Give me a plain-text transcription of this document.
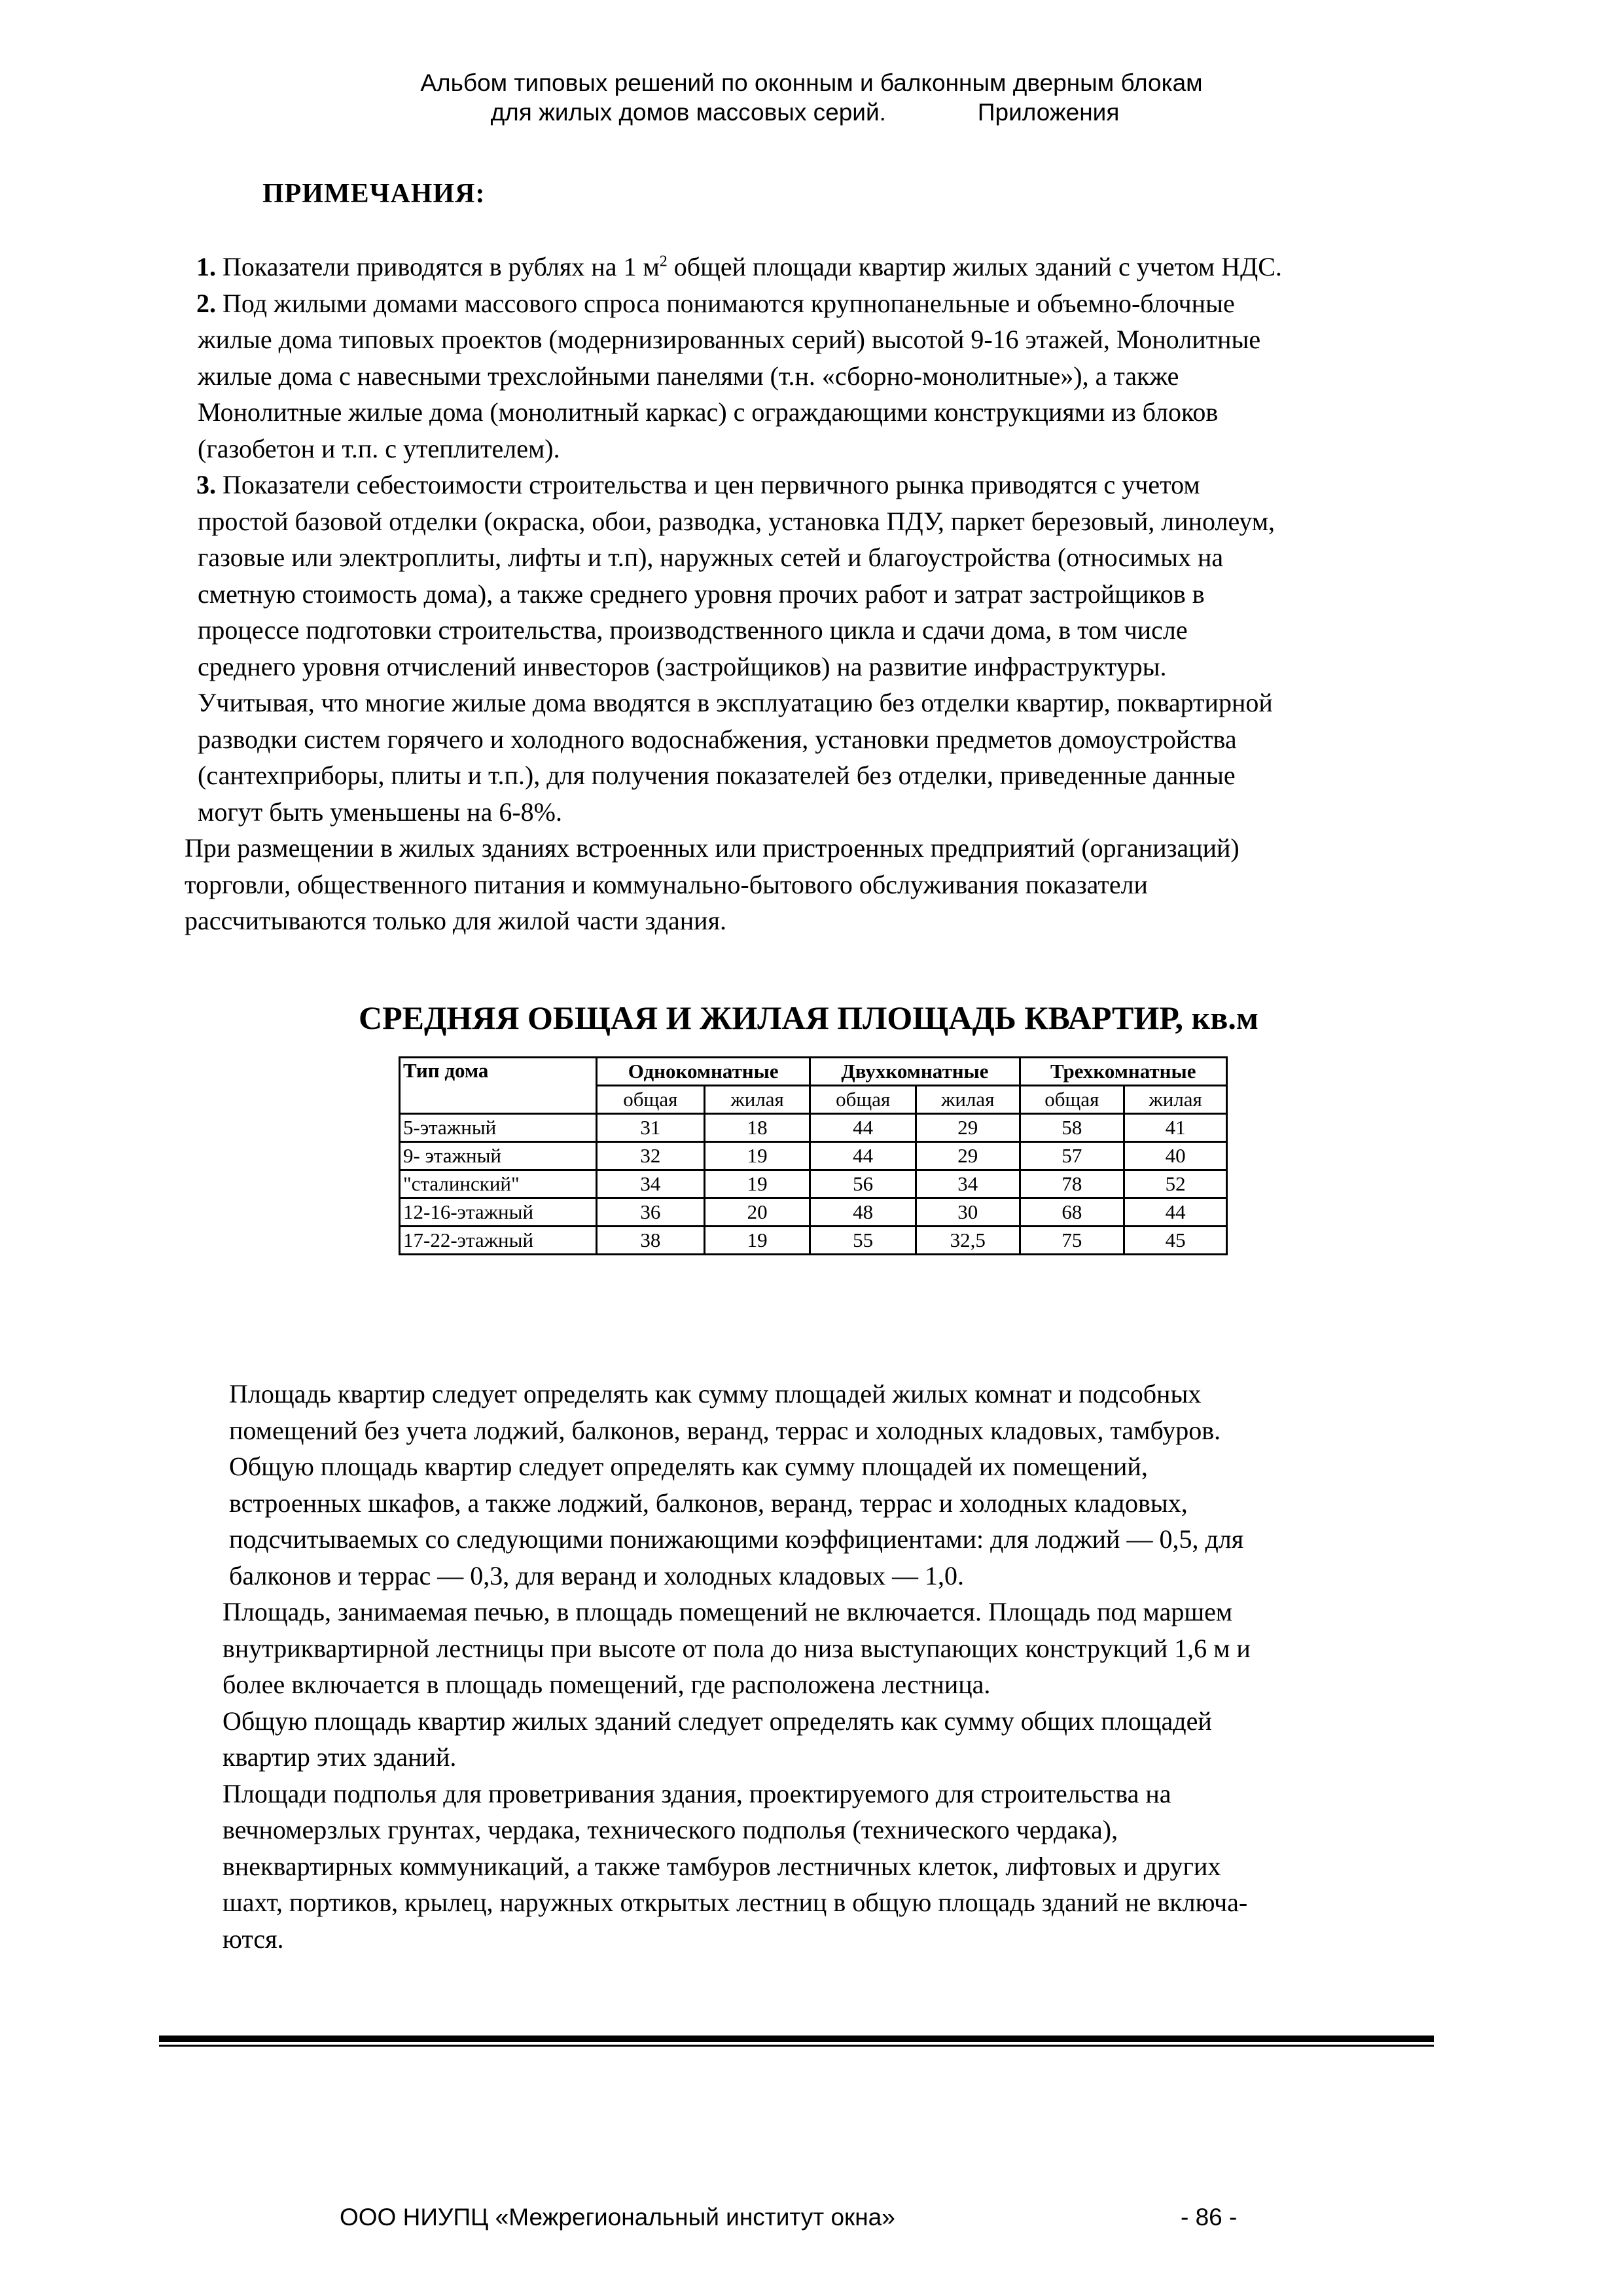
Альбом типовых решений по оконным и балконным дверным блокам
для жилых домов массовых серий.	Приложения
ПРИМЕЧАНИЯ:
1. Показатели приводятся в рублях на 1 $м^2$ общей площади квартир жилых зданий с учетом НДС.
2. Под жилыми домами массового спроса понимаются крупнопанельные и объемно-блочные
жилые дома типовых проектов (модернизированных серий) высотой 9-16 этажей, Монолитные
жилые дома с навесными трехслойными панелями (т.н. «сборно-монолитные»), а также
Монолитные жилые дома (монолитный каркас) с ограждающими конструкциями из блоков
(газобетон и т.п. с утеплителем).
3. Показатели себестоимости строительства и цен первичного рынка приводятся с учетом
простой базовой отделки (окраска, обои, разводка, установка ПДУ, паркет березовый, линолеум,
газовые или электроплиты, лифты и т.п), наружных сетей и благоустройства (относимых на
сметную стоимость дома), а также среднего уровня прочих работ и затрат застройщиков в
процессе подготовки строительства, производственного цикла и сдачи дома, в том числе
среднего уровня отчислений инвесторов (застройщиков) на развитие инфраструктуры.
Учитывая, что многие жилые дома вводятся в эксплуатацию без отделки квартир, поквартирной
разводки систем горячего и холодного водоснабжения, установки предметов домоустройства
(сантехприборы, плиты и т.п.), для получения показателей без отделки, приведенные данные
могут быть уменьшены на 6-8%.
При размещении в жилых зданиях встроенных или пристроенных предприятий (организаций)
торговли, общественного питания и коммунально-бытового обслуживания показатели
рассчитываются только для жилой части здания.
СРЕДНЯЯ ОБЩАЯ И ЖИЛАЯ ПЛОЩАДЬ КВАРТИР, кв.м
Тип дома	Однокомнатные		Двухкомнатные		Трехкомнатные	
	общая	жилая	общая	жилая	общая	жилая
5-этажный	31	18	44	29	58	41
9- этажный	32	19	44	29	57	40
"сталинский"	34	19	56	34	78	52
12-16-этажный	36	20	48	30	68	44
17-22-этажный	38	19	55	32,5	75	45
Площадь квартир следует определять как сумму площадей жилых комнат и подсобных
помещений без учета лоджий, балконов, веранд, террас и холодных кладовых, тамбуров.
Общую площадь квартир следует определять как сумму площадей их помещений,
встроенных шкафов, а также лоджий, балконов, веранд, террас и холодных кладовых,
подсчитываемых со следующими понижающими коэффициентами: для лоджий — 0,5, для
балконов и террас — 0,3, для веранд и холодных кладовых — 1,0.
Площадь, занимаемая печью, в площадь помещений не включается. Площадь под маршем
внутриквартирной лестницы при высоте от пола до низа выступающих конструкций 1,6 м и
более включается в площадь помещений, где расположена лестница.
Общую площадь квартир жилых зданий следует определять как сумму общих площадей
квартир этих зданий.
Площади подполья для проветривания здания, проектируемого для строительства на
вечномерзлых грунтах, чердака, технического подполья (технического чердака),
внеквартирных коммуникаций, а также тамбуров лестничных клеток, лифтовых и других
шахт, портиков, крылец, наружных открытых лестниц в общую площадь зданий не включа-
ются.
ООО НИУПЦ «Межрегиональный институт окна»	- 86 -
